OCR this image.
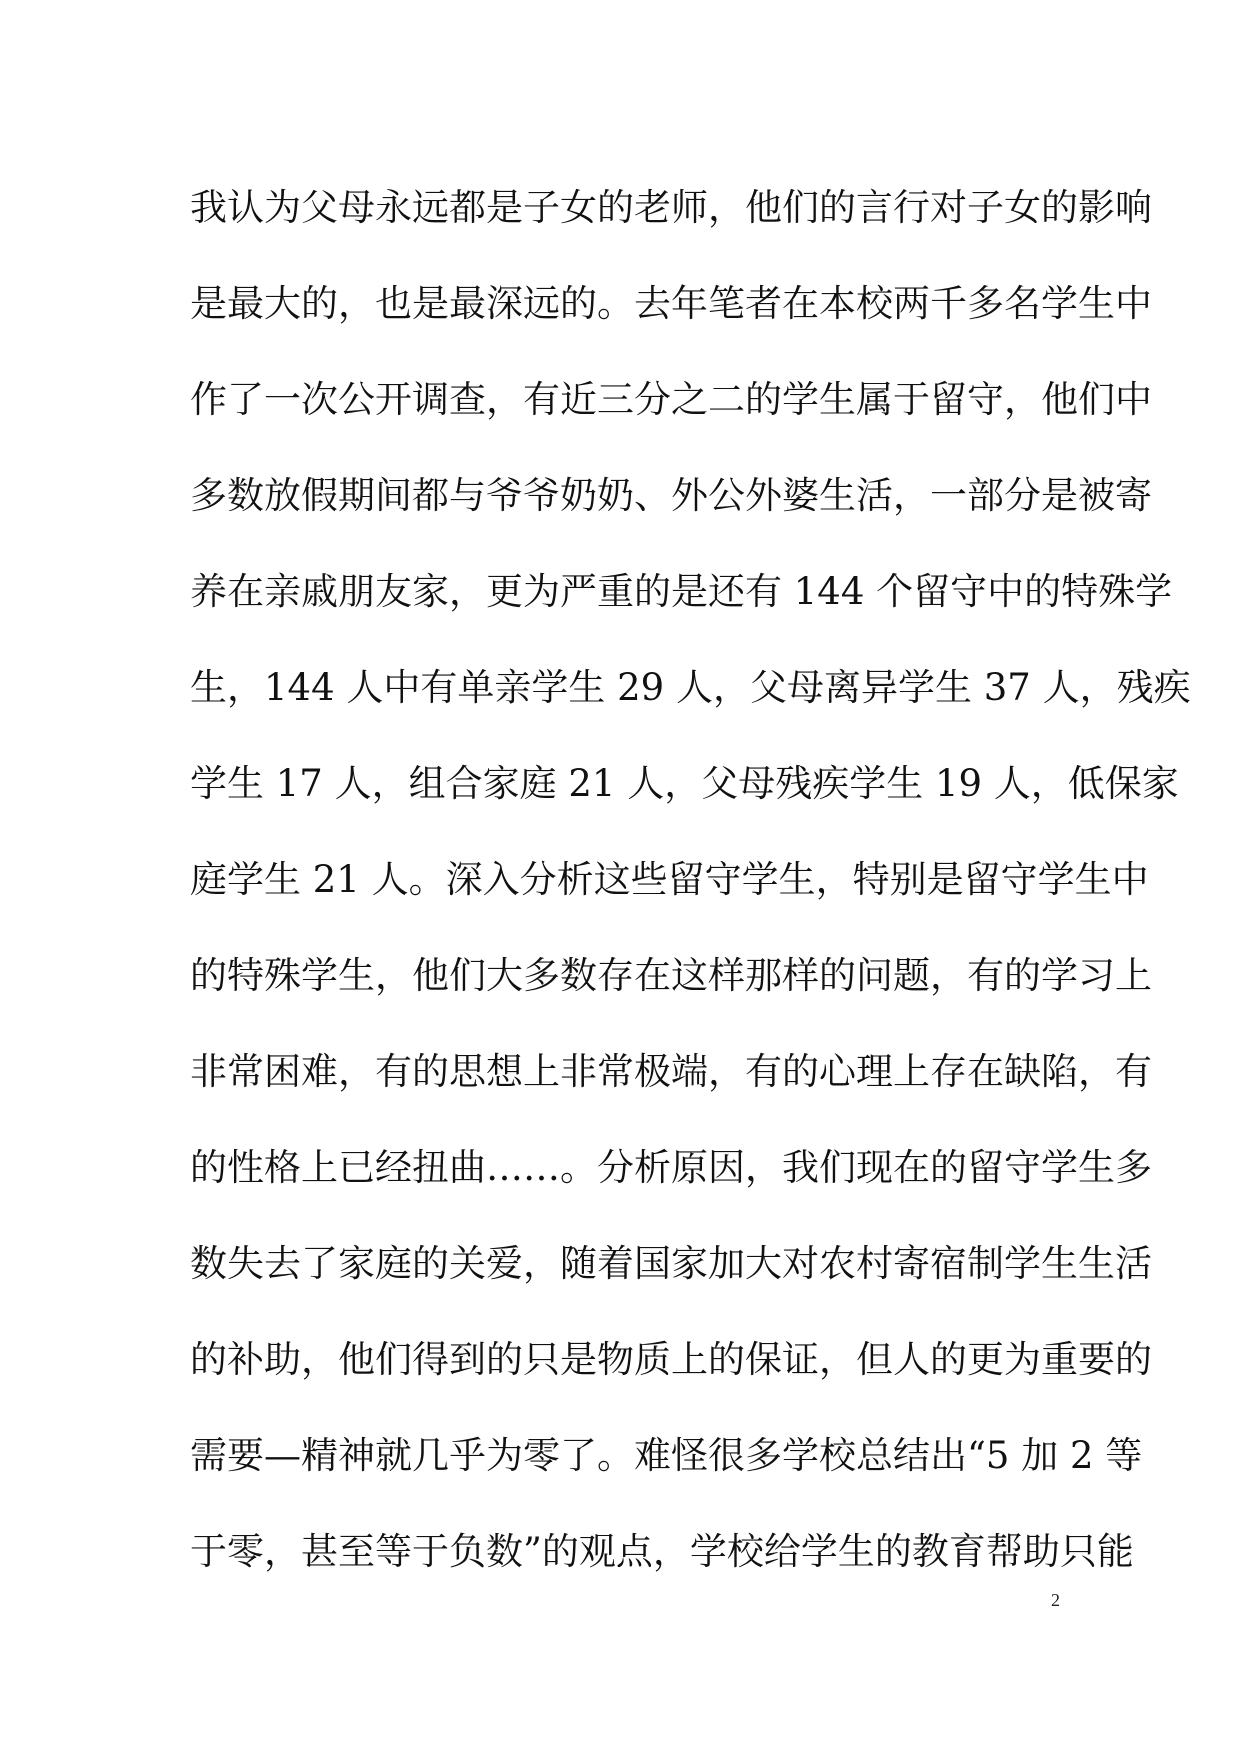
我认为父母永远都是子女的老师，他们的言行对子女的影响
是最大的，也是最深远的。去年笔者在本校两千多名学生中
作了一次公开调查，有近三分之二的学生属于留守，他们中
多数放假期间都与爷爷奶奶、外公外婆生活，一部分是被寄
养在亲戚朋友家，更为严重的是还有 144 个留守中的特殊学
生，144 人中有单亲学生 29 人，父母离异学生 37 人，残疾
学生 17 人，组合家庭 21 人，父母残疾学生 19 人，低保家
庭学生 21 人。深入分析这些留守学生，特别是留守学生中
的特殊学生，他们大多数存在这样那样的问题，有的学习上
非常困难，有的思想上非常极端，有的心理上存在缺陷，有
的性格上已经扭曲……。分析原因，我们现在的留守学生多
数失去了家庭的关爱，随着国家加大对农村寄宿制学生生活
的补助，他们得到的只是物质上的保证，但人的更为重要的
需要—精神就几乎为零了。难怪很多学校总结出“5 加 2 等
于零，甚至等于负数”的观点，学校给学生的教育帮助只能
2
